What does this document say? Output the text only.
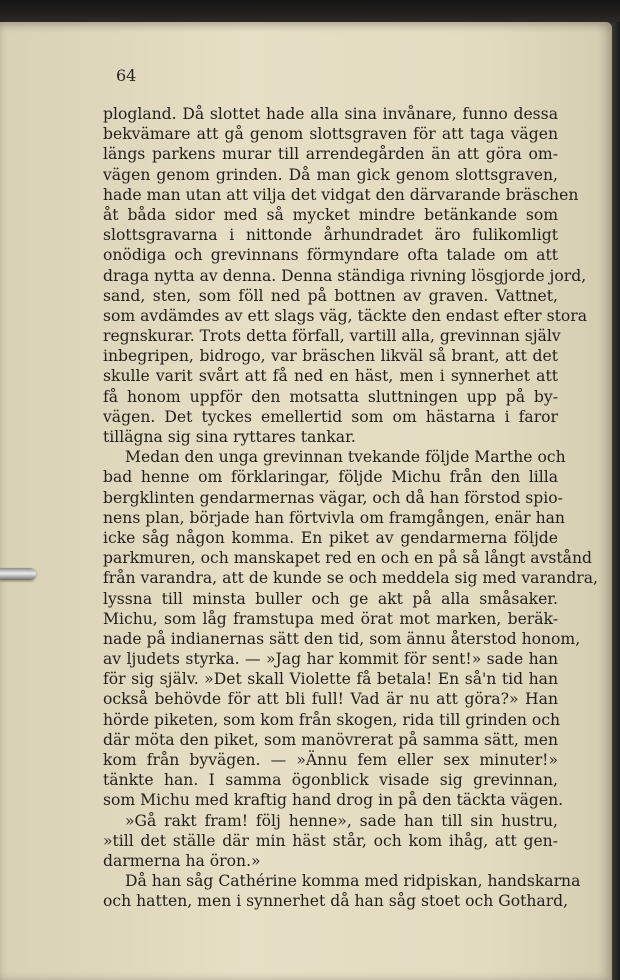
64
plogland. Då slottet hade alla sina invånare, funno dessa
bekvämare att gå genom slottsgraven för att taga vägen
längs parkens murar till arrendegården än att göra om-
vägen genom grinden. Då man gick genom slottsgraven,
hade man utan att vilja det vidgat den därvarande bräschen
åt båda sidor med så mycket mindre betänkande som
slottsgravarna i nittonde århundradet äro fulikomligt
onödiga och grevinnans förmyndare ofta talade om att
draga nytta av denna. Denna ständiga rivning lösgjorde jord,
sand, sten, som föll ned på bottnen av graven. Vattnet,
som avdämdes av ett slags väg, täckte den endast efter stora
regnskurar. Trots detta förfall, vartill alla, grevinnan själv
inbegripen, bidrogo, var bräschen likväl så brant, att det
skulle varit svårt att få ned en häst, men i synnerhet att
få honom uppför den motsatta sluttningen upp på by-
vägen. Det tyckes emellertid som om hästarna i faror
tillägna sig sina ryttares tankar.
Medan den unga grevinnan tvekande följde Marthe och
bad henne om förklaringar, följde Michu från den lilla
bergklinten gendarmernas vägar, och då han förstod spio-
nens plan, började han förtvivla om framgången, enär han
icke såg någon komma. En piket av gendarmerna följde
parkmuren, och manskapet red en och en på så långt avstånd
från varandra, att de kunde se och meddela sig med varandra,
lyssna till minsta buller och ge akt på alla småsaker.
Michu, som låg framstupa med örat mot marken, beräk-
nade på indianernas sätt den tid, som ännu återstod honom,
av ljudets styrka. — »Jag har kommit för sent!» sade han
för sig själv. »Det skall Violette få betala! En så'n tid han
också behövde för att bli full! Vad är nu att göra?» Han
hörde piketen, som kom från skogen, rida till grinden och
där möta den piket, som manövrerat på samma sätt, men
kom från byvägen. — »Ännu fem eller sex minuter!»
tänkte han. I samma ögonblick visade sig grevinnan,
som Michu med kraftig hand drog in på den täckta vägen.
»Gå rakt fram! följ henne», sade han till sin hustru,
»till det ställe där min häst står, och kom ihåg, att gen-
darmerna ha öron.»
Då han såg Cathérine komma med ridpiskan, handskarna
och hatten, men i synnerhet då han såg stoet och Gothard,
